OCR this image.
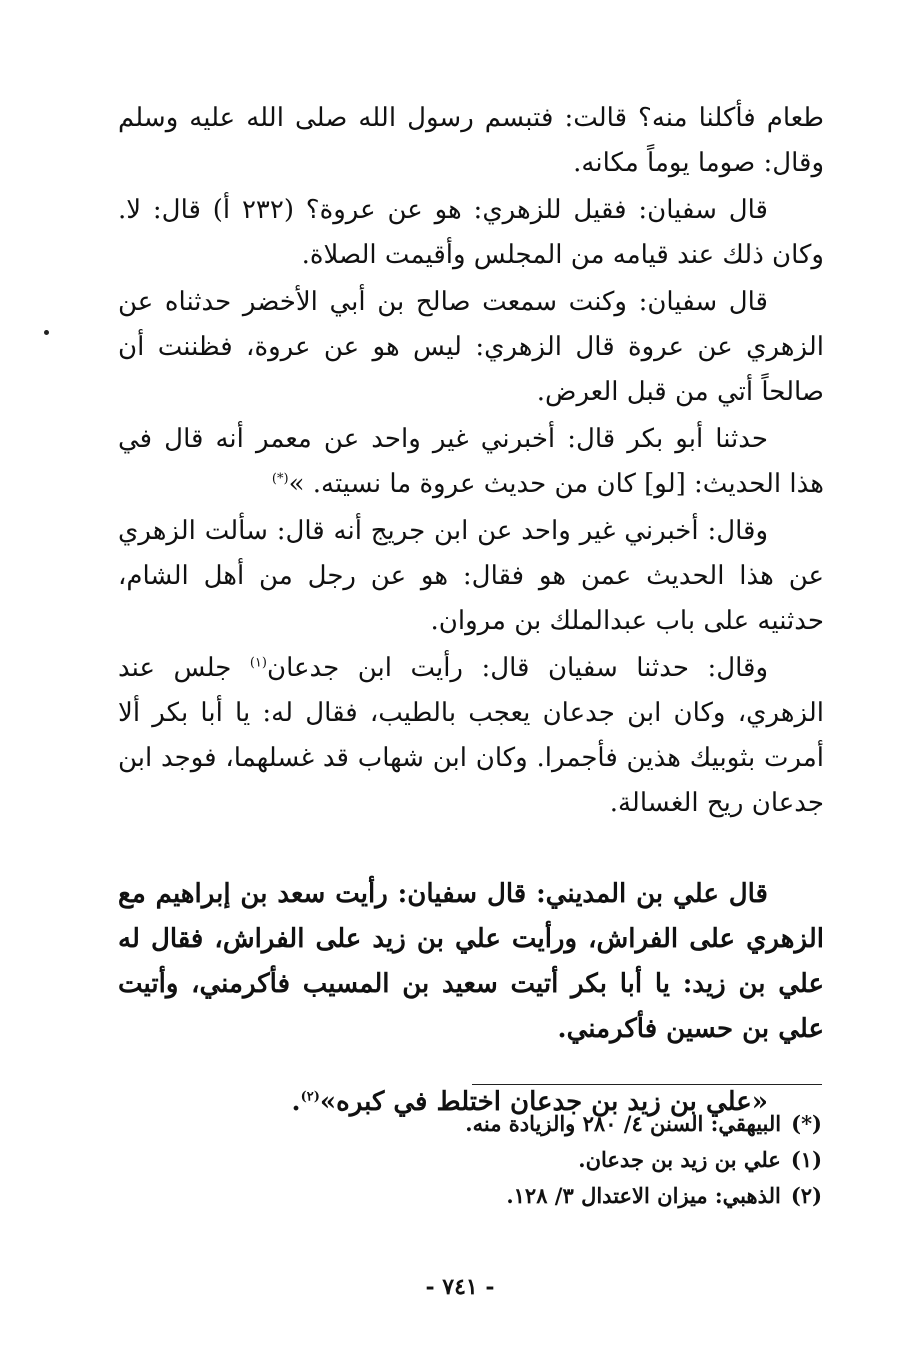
طعام فأكلنا منه؟ قالت: فتبسم رسول الله صلى الله عليه وسلم وقال: صوما يوماً مكانه.

قال سفيان: فقيل للزهري: هو عن عروة؟ (٢٣٢ أ) قال: لا. وكان ذلك عند قيامه من المجلس وأقيمت الصلاة.

قال سفيان: وكنت سمعت صالح بن أبي الأخضر حدثناه عن الزهري عن عروة قال الزهري: ليس هو عن عروة، فظننت أن صالحاً أتي من قبل العرض.

حدثنا أبو بكر قال: أخبرني غير واحد عن معمر أنه قال في هذا الحديث: [لو] كان من حديث عروة ما نسيته. »(*)

وقال: أخبرني غير واحد عن ابن جريج أنه قال: سألت الزهري عن هذا الحديث عمن هو فقال: هو عن رجل من أهل الشام، حدثنيه على باب عبدالملك بن مروان.

وقال: حدثنا سفيان قال: رأيت ابن جدعان$^{(١)}$ جلس عند الزهري، وكان ابن جدعان يعجب بالطيب، فقال له: يا أبا بكر ألا أمرت بثوبيك هذين فأجمرا. وكان ابن شهاب قد غسلهما، فوجد ابن جدعان ريح الغسالة.

قال علي بن المديني: قال سفيان: رأيت سعد بن إبراهيم مع الزهري على الفراش، ورأيت علي بن زيد على الفراش، فقال له علي بن زيد: يا أبا بكر أتيت سعيد بن المسيب فأكرمني، وأتيت علي بن حسين فأكرمني.

«علي بن زيد بن جدعان اختلط في كبره»$^{(٢)}$.

(*)البيهقي: السنن ٤/ ٢٨٠ والزيادة منه.

(١)علي بن زيد بن جدعان.

(٢)الذهبي: ميزان الاعتدال ٣/ ١٢٨.

- ٧٤١ -
